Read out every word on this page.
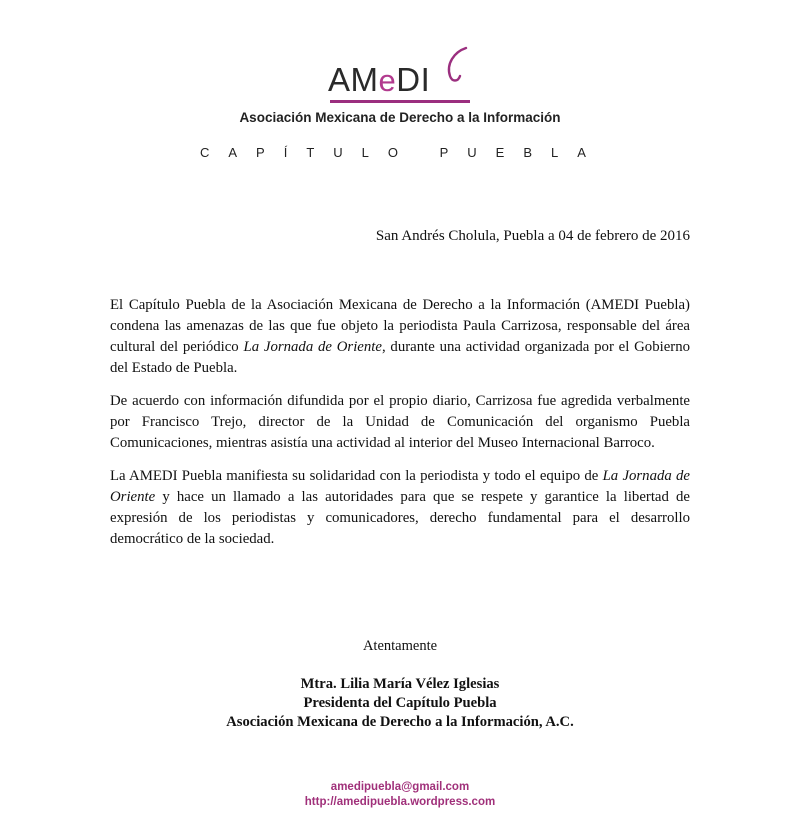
AMeDI
Asociación Mexicana de Derecho a la Información
CAPÍTULO PUEBLA
San Andrés Cholula, Puebla a 04 de febrero de 2016

El Capítulo Puebla de la Asociación Mexicana de Derecho a la Información (AMEDI Puebla) condena las amenazas de las que fue objeto la periodista Paula Carrizosa, responsable del área cultural del periódico La Jornada de Oriente, durante una actividad organizada por el Gobierno del Estado de Puebla.

De acuerdo con información difundida por el propio diario, Carrizosa fue agredida verbalmente por Francisco Trejo, director de la Unidad de Comunicación del organismo Puebla Comunicaciones, mientras asistía una actividad al interior del Museo Internacional Barroco.

La AMEDI Puebla manifiesta su solidaridad con la periodista y todo el equipo de La Jornada de Oriente y hace un llamado a las autoridades para que se respete y garantice la libertad de expresión de los periodistas y comunicadores, derecho fundamental para el desarrollo democrático de la sociedad.

Atentamente
Mtra. Lilia María Vélez Iglesias
Presidenta del Capítulo Puebla
Asociación Mexicana de Derecho a la Información, A.C.
amedipuebla@gmail.com
http://amedipuebla.wordpress.com
